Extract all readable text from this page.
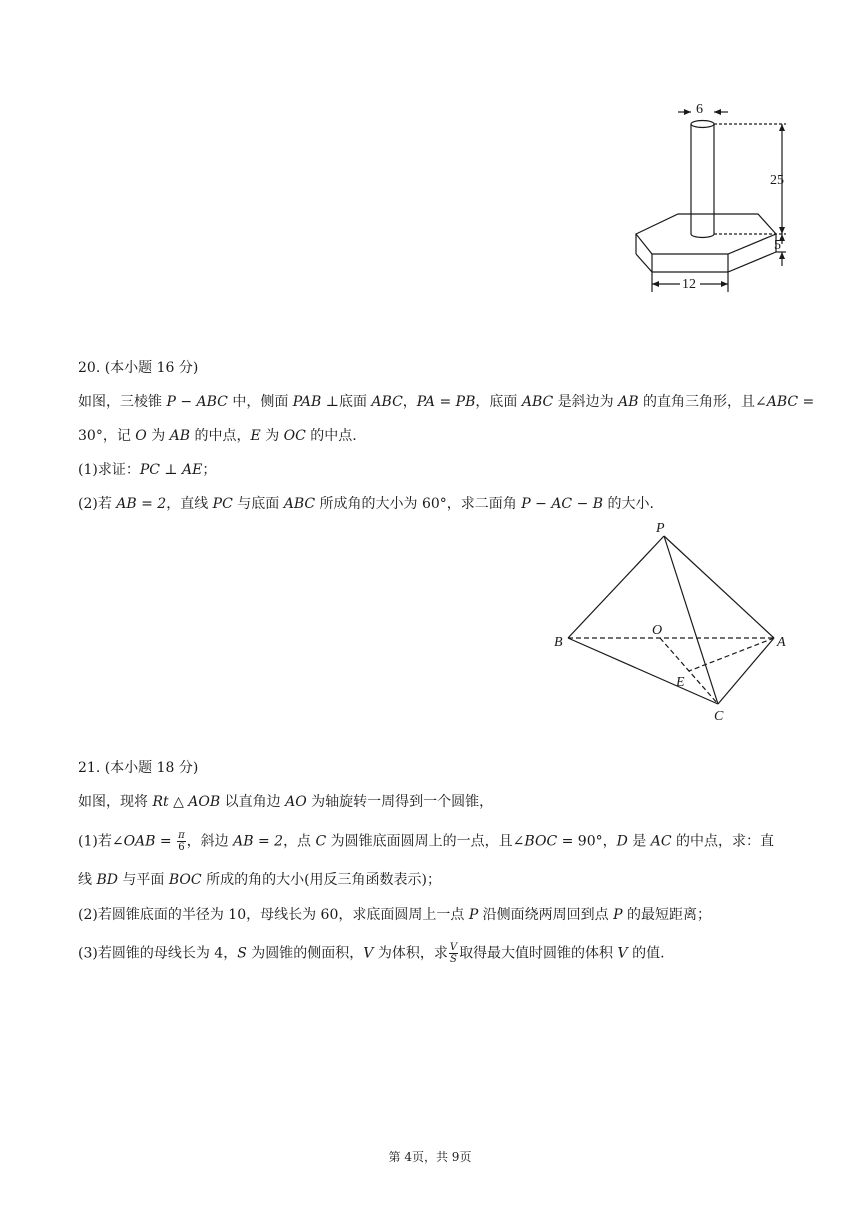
6
25
5
12
20. (本小题 16 分)
如图，三棱锥 P − ABC 中，侧面 PAB ⊥底面 ABC，PA = PB，底面 ABC 是斜边为 AB 的直角三角形，且∠ABC =
30°，记 O 为 AB 的中点，E 为 OC 的中点.
(1)求证：PC ⊥ AE；
(2)若 AB = 2，直线 PC 与底面 ABC 所成角的大小为 60°，求二面角 P − AC − B 的大小.
P
B
O
A
E
C
21. (本小题 18 分)
如图，现将 Rt △ AOB 以直角边 AO 为轴旋转一周得到一个圆锥，
(1)若∠OAB = $\frac{\pi}{6}$ ，斜边 AB = 2，点 C 为圆锥底面圆周上的一点，且∠BOC = 90°，D 是 AC 的中点，求：直
线 BD 与平面 BOC 所成的角的大小(用反三角函数表示)；
(2)若圆锥底面的半径为 10，母线长为 60，求底面圆周上一点 P 沿侧面绕两周回到点 P 的最短距离；
(3)若圆锥的母线长为 4，S 为圆锥的侧面积，V 为体积，求 $\frac{V}{S}$ 取得最大值时圆锥的体积 V 的值.
第 4页，共 9页
